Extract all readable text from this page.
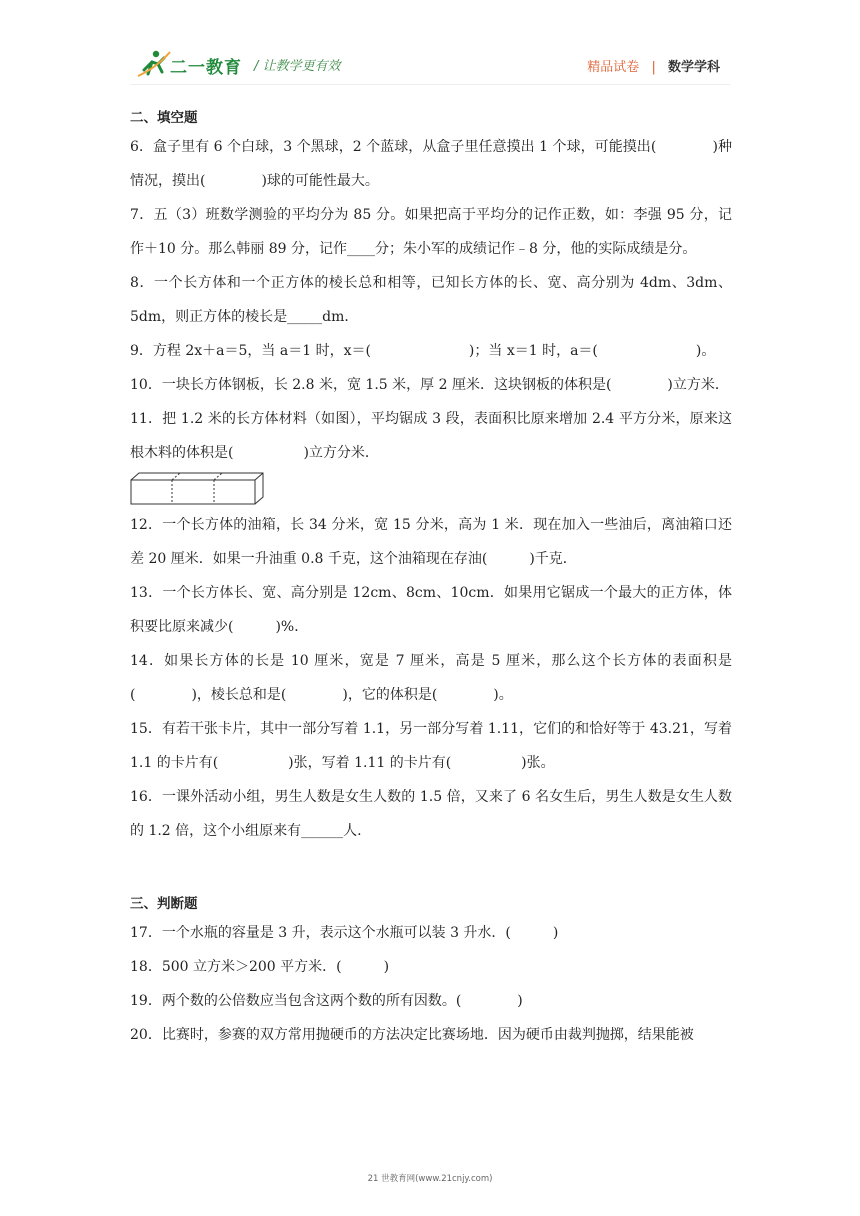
二一教育 / 让教学更有效	精品试卷 | 数学学科
二、填空题
6．盒子里有 6 个白球，3 个黑球，2 个蓝球，从盒子里任意摸出 1 个球，可能摸出(　　　　)种情况，摸出(　　　　)球的可能性最大。
7．五（3）班数学测验的平均分为 85 分。如果把高于平均分的记作正数，如：李强 95 分，记作＋10 分。那么韩丽 89 分，记作____分；朱小军的成绩记作﹣8 分，他的实际成绩是分。
8．一个长方体和一个正方体的棱长总和相等，已知长方体的长、宽、高分别为 4dm、3dm、5dm，则正方体的棱长是_____dm．
9．方程 2x＋a＝5，当 a＝1 时，x＝(　　　　　　　)；当 x＝1 时，a＝(　　　　　　　)。
10．一块长方体钢板，长 2.8 米，宽 1.5 米，厚 2 厘米．这块钢板的体积是(　　　　)立方米．
11．把 1.2 米的长方体材料（如图），平均锯成 3 段，表面积比原来增加 2.4 平方分米，原来这根木料的体积是(　　　　　)立方分米．
12．一个长方体的油箱，长 34 分米，宽 15 分米，高为 1 米．现在加入一些油后，离油箱口还差 20 厘米．如果一升油重 0.8 千克，这个油箱现在存油(　　　)千克．
13．一个长方体长、宽、高分别是 12cm、8cm、10cm．如果用它锯成一个最大的正方体，体积要比原来减少(　　　)%．
14．如果长方体的长是 10 厘米，宽是 7 厘米，高是 5 厘米，那么这个长方体的表面积是(　　　　)，棱长总和是(　　　　)，它的体积是(　　　　)。
15．有若干张卡片，其中一部分写着 1.1，另一部分写着 1.11，它们的和恰好等于 43.21，写着 1.1 的卡片有(　　　　　)张，写着 1.11 的卡片有(　　　　　)张。
16．一课外活动小组，男生人数是女生人数的 1.5 倍，又来了 6 名女生后，男生人数是女生人数的 1.2 倍，这个小组原来有______人.
三、判断题
17．一个水瓶的容量是 3 升，表示这个水瓶可以装 3 升水．(　　　)
18．500 立方米＞200 平方米．(　　　)
19．两个数的公倍数应当包含这两个数的所有因数。(　　　　)
20．比赛时，参赛的双方常用抛硬币的方法决定比赛场地．因为硬币由裁判抛掷，结果能被
21 世教育网(www.21cnjy.com)
